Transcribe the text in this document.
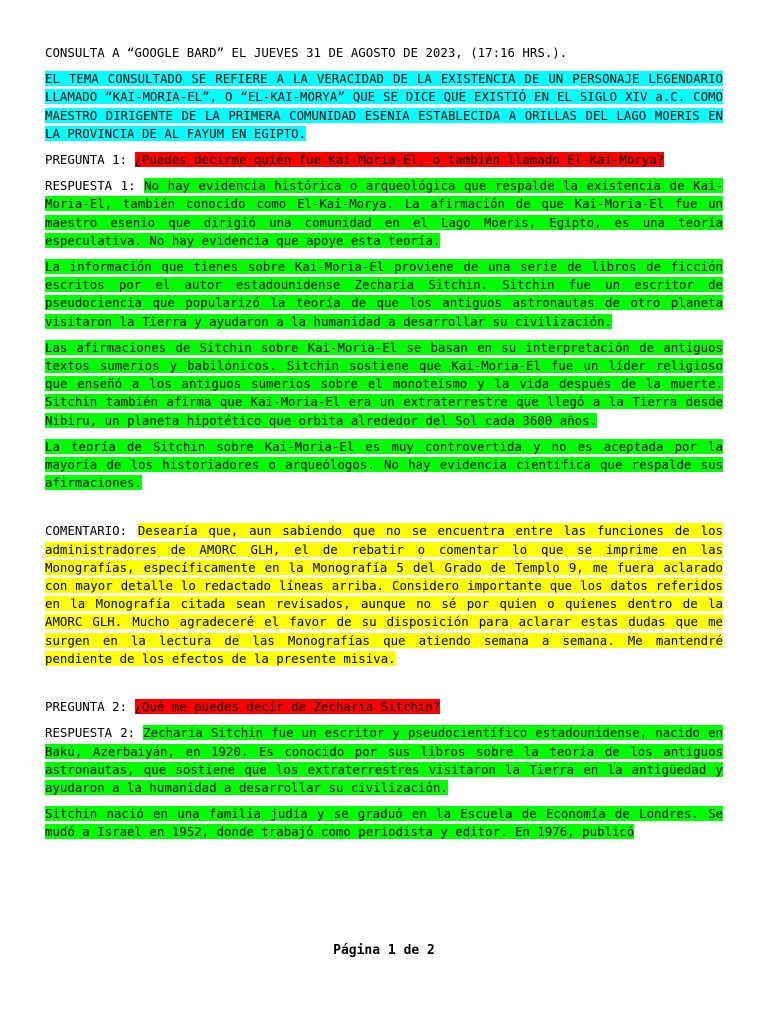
CONSULTA A “GOOGLE BARD” EL JUEVES 31 DE AGOSTO DE 2023, (17:16 HRS.).

EL TEMA CONSULTADO SE REFIERE A LA VERACIDAD DE LA EXISTENCIA DE UN PERSONAJE LEGENDARIO LLAMADO “KAI-MORIA-EL”, O “EL-KAI-MORYA” QUE SE DICE QUE EXISTIÓ EN EL SIGLO XIV a.C. COMO MAESTRO DIRIGENTE DE LA PRIMERA COMUNIDAD ESENIA ESTABLECIDA A ORILLAS DEL LAGO MOERIS EN LA PROVINCIA DE AL FAYUM EN EGIPTO.

PREGUNTA 1: ¿Puedes decirme quién fue Kai-Moria-El, o también llamado El-Kai-Morya?

RESPUESTA 1: No hay evidencia histórica o arqueológica que respalde la existencia de Kai-Moria-El, también conocido como El-Kai-Morya. La afirmación de que Kai-Moria-El fue un maestro esenio que dirigió una comunidad en el Lago Moeris, Egipto, es una teoría especulativa. No hay evidencia que apoye esta teoría.

La información que tienes sobre Kai-Moria-El proviene de una serie de libros de ficción escritos por el autor estadounidense Zecharia Sitchin. Sitchin fue un escritor de pseudociencia que popularizó la teoría de que los antiguos astronautas de otro planeta visitaron la Tierra y ayudaron a la humanidad a desarrollar su civilización.

Las afirmaciones de Sitchin sobre Kai-Moria-El se basan en su interpretación de antiguos textos sumerios y babilónicos. Sitchin sostiene que Kai-Moria-El fue un líder religioso que enseñó a los antiguos sumerios sobre el monoteísmo y la vida después de la muerte. Sitchin también afirma que Kai-Moria-El era un extraterrestre que llegó a la Tierra desde Nibiru, un planeta hipotético que orbita alrededor del Sol cada 3600 años.

La teoría de Sitchin sobre Kai-Moria-El es muy controvertida y no es aceptada por la mayoría de los historiadores o arqueólogos. No hay evidencia científica que respalde sus afirmaciones.

COMENTARIO: Desearía que, aun sabiendo que no se encuentra entre las funciones de los administradores de AMORC GLH, el de rebatir o comentar lo que se imprime en las Monografías, específicamente en la Monografía 5 del Grado de Templo 9, me fuera aclarado con mayor detalle lo redactado líneas arriba. Considero importante que los datos referidos en la Monografía citada sean revisados, aunque no sé por quien o quienes dentro de la AMORC GLH. Mucho agradeceré el favor de su disposición para aclarar estas dudas que me surgen en la lectura de las Monografías que atiendo semana a semana. Me mantendré pendiente de los efectos de la presente misiva.

PREGUNTA 2: ¿Qué me puedes decir de Zecharia Sitchin?

RESPUESTA 2: Zecharia Sitchin fue un escritor y pseudocientífico estadounidense, nacido en Bakú, Azerbaiyán, en 1920. Es conocido por sus libros sobre la teoría de los antiguos astronautas, que sostiene que los extraterrestres visitaron la Tierra en la antigüedad y ayudaron a la humanidad a desarrollar su civilización.

Sitchin nació en una familia judía y se graduó en la Escuela de Economía de Londres. Se mudó a Israel en 1952, donde trabajó como periodista y editor. En 1976, publicó

Página 1 de 2
